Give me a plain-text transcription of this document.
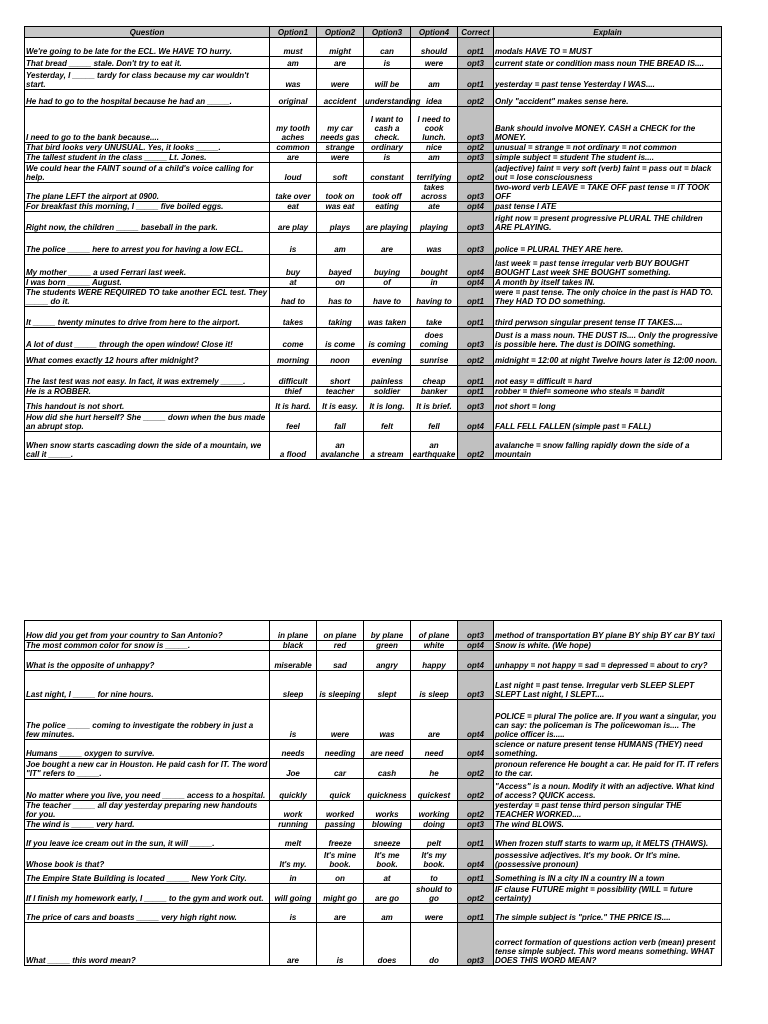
Question	Option1	Option2	Option3	Option4	Correct	Explain
We're going to be late for the ECL. We HAVE TO hurry.	must	might	can	should	opt1	modals HAVE TO = MUST
That bread _____ stale. Don't try to eat it.	am	are	is	were	opt3	current state or condition mass noun THE BREAD IS....
Yesterday, I _____ tardy for class because my car wouldn't start.	was	were	will be	am	opt1	yesterday = past tense Yesterday I WAS....
He had to go to the hospital because he had an _____.	original	accident	understanding	idea	opt2	Only "accident" makes sense here.
I need to go to the bank because....	my tooth aches	my car needs gas	I want to cash a check.	I need to cook lunch.	opt3	Bank should involve MONEY. CASH a CHECK for the MONEY.
That bird looks very UNUSUAL. Yes, it looks _____.	common	strange	ordinary	nice	opt2	unusual = strange = not ordinary = not common
The tallest student in the class _____ Lt. Jones.	are	were	is	am	opt3	simple subject = student The student is....
We could hear the FAINT sound of a child's voice calling for help.	loud	soft	constant	terrifying	opt2	(adjective) faint = very soft (verb) faint = pass out = black out = lose consciousness
The plane LEFT the airport at 0900.	take over	took on	took off	takes across	opt3	two-word verb LEAVE = TAKE OFF past tense = IT TOOK OFF
For breakfast this morning, I _____ five boiled eggs.	eat	was eat	eating	ate	opt4	past tense I ATE
Right now, the children _____ baseball in the park.	are play	plays	are playing	playing	opt3	right now = present progressive PLURAL THE children ARE PLAYING.
The police _____ here to arrest you for having a low ECL.	is	am	are	was	opt3	police = PLURAL THEY ARE here.
My mother _____ a used Ferrari last week.	buy	bayed	buying	bought	opt4	last week = past tense irregular verb BUY BOUGHT BOUGHT Last week SHE BOUGHT something.
I was born _____ August.	at	on	of	in	opt4	A month by itself takes IN.
The students WERE REQUIRED TO take another ECL test. They _____ do it.	had to	has to	have to	having to	opt1	were = past tense. The only choice in the past is HAD TO. They HAD TO DO something.
It _____ twenty minutes to drive from here to the airport.	takes	taking	was taken	take	opt1	third perwson singular present tense IT TAKES....
A lot of dust _____ through the open window! Close it!	come	is come	is coming	does coming	opt3	Dust is a mass noun. THE DUST IS.... Only the progressive is possible here. The dust is DOING something.
What comes exactly 12 hours after midnight?	morning	noon	evening	sunrise	opt2	midnight = 12:00 at night Twelve hours later is 12:00 noon.
The last test was not easy. In fact, it was extremely _____.	difficult	short	painless	cheap	opt1	not easy = difficult = hard
He is a ROBBER.	thief	teacher	soldier	banker	opt1	robber = thief= someone who steals = bandit
This handout is not short.	It is hard.	It is easy.	It is long.	It is brief.	opt3	not short = long
How did she hurt herself? She _____ down when the bus made an abrupt stop.	feel	fall	felt	fell	opt4	FALL FELL FALLEN (simple past = FALL)
When snow starts cascading down the side of a mountain, we call it _____.	a flood	an avalanche	a stream	an earthquake	opt2	avalanche = snow falling rapidly down the side of a mountain
How did you get from your country to San Antonio?	in plane	on plane	by plane	of plane	opt3	method of transportation BY plane BY ship BY car BY taxi
The most common color for snow is _____.	black	red	green	white	opt4	Snow is white. (We hope)
What is the opposite of unhappy?	miserable	sad	angry	happy	opt4	unhappy = not happy = sad = depressed = about to cry?
Last night, I _____ for nine hours.	sleep	is sleeping	slept	is sleep	opt3	Last night = past tense. Irregular verb SLEEP SLEPT SLEPT Last night, I SLEPT....
The police _____ coming to investigate the robbery in just a few minutes.	is	were	was	are	opt4	POLICE = plural The police are. If you want a singular, you can say: the policeman is The policewoman is.... The police officer is.....
Humans _____ oxygen to survive.	needs	needing	are need	need	opt4	science or nature present tense HUMANS (THEY) need something.
Joe bought a new car in Houston. He paid cash for IT. The word "IT" refers to _____.	Joe	car	cash	he	opt2	pronoun reference He bought a car. He paid for IT. IT refers to the car.
No matter where you live, you need _____ access to a hospital.	quickly	quick	quickness	quickest	opt2	"Access" is a noun. Modify it with an adjective. What kind of access? QUICK access.
The teacher _____ all day yesterday preparing new handouts for you.	work	worked	works	working	opt2	yesterday = past tense third person singular THE TEACHER WORKED....
The wind is _____ very hard.	running	passing	blowing	doing	opt3	The wind BLOWS.
If you leave ice cream out in the sun, it will _____.	melt	freeze	sneeze	pelt	opt1	When frozen stuff starts to warm up, it MELTS (THAWS).
Whose book is that?	It's my.	It's mine book.	It's me book.	It's my book.	opt4	possessive adjectives. It's my book. Or It's mine. (possessive pronoun)
The Empire State Building is located _____ New York City.	in	on	at	to	opt1	Something is IN a city IN a country IN a town
If I finish my homework early, I _____ to the gym and work out.	will going	might go	are go	should to go	opt2	IF clause FUTURE might = possibility (WILL = future certainty)
The price of cars and boasts _____ very high right now.	is	are	am	were	opt1	The simple subject is "price." THE PRICE IS....
What _____ this word mean?	are	is	does	do	opt3	correct formation of questions action verb (mean) present tense simple subject. This word means something. WHAT DOES THIS WORD MEAN?
